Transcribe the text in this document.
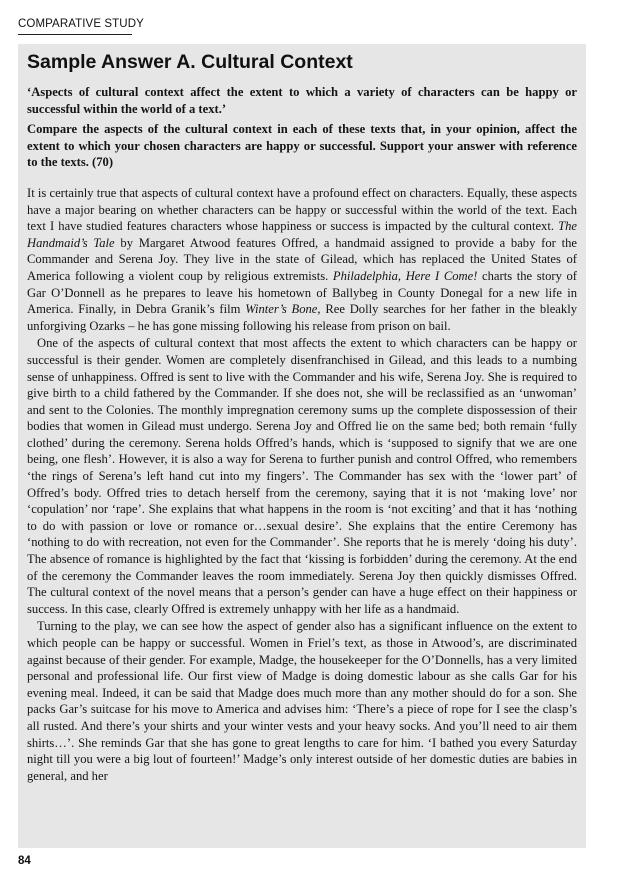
COMPARATIVE STUDY
Sample Answer A. Cultural Context

‘Aspects of cultural context affect the extent to which a variety of characters can be happy or successful within the world of a text.’

Compare the aspects of the cultural context in each of these texts that, in your opinion, affect the extent to which your chosen characters are happy or successful. Support your answer with reference to the texts. (70)

It is certainly true that aspects of cultural context have a profound effect on characters. Equally, these aspects have a major bearing on whether characters can be happy or successful within the world of the text. Each text I have studied features characters whose happiness or success is impacted by the cultural context. The Handmaid’s Tale by Margaret Atwood features Offred, a handmaid assigned to provide a baby for the Commander and Serena Joy. They live in the state of Gilead, which has replaced the United States of America following a violent coup by religious extremists. Philadelphia, Here I Come! charts the story of Gar O’Donnell as he prepares to leave his hometown of Ballybeg in County Donegal for a new life in America. Finally, in Debra Granik’s film Winter’s Bone, Ree Dolly searches for her father in the bleakly unforgiving Ozarks – he has gone missing following his release from prison on bail.

One of the aspects of cultural context that most affects the extent to which characters can be happy or successful is their gender. Women are completely disenfranchised in Gilead, and this leads to a numbing sense of unhappiness. Offred is sent to live with the Commander and his wife, Serena Joy. She is required to give birth to a child fathered by the Commander. If she does not, she will be reclassified as an ‘unwoman’ and sent to the Colonies. The monthly impregnation ceremony sums up the complete dispossession of their bodies that women in Gilead must undergo. Serena Joy and Offred lie on the same bed; both remain ‘fully clothed’ during the ceremony. Serena holds Offred’s hands, which is ‘supposed to signify that we are one being, one flesh’. However, it is also a way for Serena to further punish and control Offred, who remembers ‘the rings of Serena’s left hand cut into my fingers’. The Commander has sex with the ‘lower part’ of Offred’s body. Offred tries to detach herself from the ceremony, saying that it is not ‘making love’ nor ‘copulation’ nor ‘rape’. She explains that what happens in the room is ‘not exciting’ and that it has ‘nothing to do with passion or love or romance or…sexual desire’. She explains that the entire Ceremony has ‘nothing to do with recreation, not even for the Commander’. She reports that he is merely ‘doing his duty’. The absence of romance is highlighted by the fact that ‘kissing is forbidden’ during the ceremony. At the end of the ceremony the Commander leaves the room immediately. Serena Joy then quickly dismisses Offred. The cultural context of the novel means that a person’s gender can have a huge effect on their happiness or success. In this case, clearly Offred is extremely unhappy with her life as a handmaid.

Turning to the play, we can see how the aspect of gender also has a significant influence on the extent to which people can be happy or successful. Women in Friel’s text, as those in Atwood’s, are discriminated against because of their gender. For example, Madge, the housekeeper for the O’Donnells, has a very limited personal and professional life. Our first view of Madge is doing domestic labour as she calls Gar for his evening meal. Indeed, it can be said that Madge does much more than any mother should do for a son. She packs Gar’s suitcase for his move to America and advises him: ‘There’s a piece of rope for I see the clasp’s all rusted. And there’s your shirts and your winter vests and your heavy socks. And you’ll need to air them shirts…’. She reminds Gar that she has gone to great lengths to care for him. ‘I bathed you every Saturday night till you were a big lout of fourteen!’ Madge’s only interest outside of her domestic duties are babies in general, and her

84
